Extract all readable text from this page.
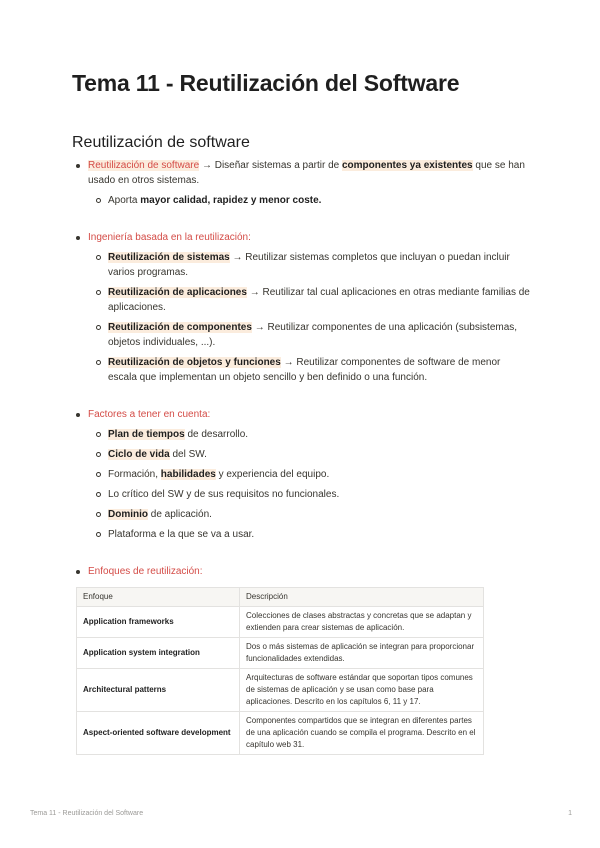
Tema 11 - Reutilización del Software
Reutilización de software
Reutilización de software → Diseñar sistemas a partir de componentes ya existentes que se han usado en otros sistemas.
Aporta mayor calidad, rapidez y menor coste.
Ingeniería basada en la reutilización:
Reutilización de sistemas → Reutilizar sistemas completos que incluyan o puedan incluir varios programas.
Reutilización de aplicaciones → Reutilizar tal cual aplicaciones en otras mediante familias de aplicaciones.
Reutilización de componentes → Reutilizar componentes de una aplicación (subsistemas, objetos individuales, ...).
Reutilización de objetos y funciones → Reutilizar componentes de software de menor escala que implementan un objeto sencillo y ben definido o una función.
Factores a tener en cuenta:
Plan de tiempos de desarrollo.
Ciclo de vida del SW.
Formación, habilidades y experiencia del equipo.
Lo crítico del SW y de sus requisitos no funcionales.
Dominio de aplicación.
Plataforma e la que se va a usar.
Enfoques de reutilización:
Enfoque	Descripción
Application frameworks	Colecciones de clases abstractas y concretas que se adaptan y extienden para crear sistemas de aplicación.
Application system integration	Dos o más sistemas de aplicación se integran para proporcionar funcionalidades extendidas.
Architectural patterns	Arquitecturas de software estándar que soportan tipos comunes de sistemas de aplicación y se usan como base para aplicaciones. Descrito en los capítulos 6, 11 y 17.
Aspect-oriented software development	Componentes compartidos que se integran en diferentes partes de una aplicación cuando se compila el programa. Descrito en el capítulo web 31.
Tema 11 - Reutilización del Software	1
